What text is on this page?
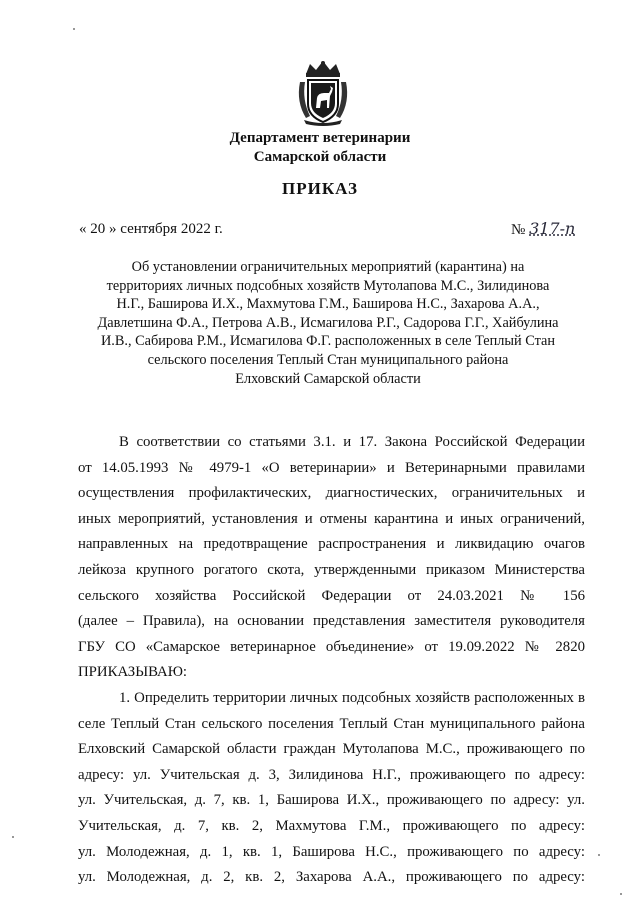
Департамент ветеринарии
Самарской области
ПРИКАЗ
« 20 » сентября 2022 г.	№ 317-п
Об установлении ограничительных мероприятий (карантина) на
территориях личных подсобных хозяйств Мутолапова М.С., Зилидинова
Н.Г., Баширова И.Х., Махмутова Г.М., Баширова Н.С., Захарова А.А.,
Давлетшина Ф.А., Петрова А.В., Исмагилова Р.Г., Садорова Г.Г., Хайбулина
И.В., Сабирова Р.М., Исмагилова Ф.Г. расположенных в селе Теплый Стан
сельского поселения Теплый Стан муниципального района
Елховский Самарской области
В соответствии со статьями 3.1. и 17. Закона Российской Федерации
от 14.05.1993 № 4979-1 «О ветеринарии» и Ветеринарными правилами
осуществления профилактических, диагностических, ограничительных и
иных мероприятий, установления и отмены карантина и иных ограничений,
направленных на предотвращение распространения и ликвидацию очагов
лейкоза крупного рогатого скота, утвержденными приказом Министерства
сельского хозяйства Российской Федерации от 24.03.2021 № 156
(далее – Правила), на основании представления заместителя руководителя
ГБУ СО «Самарское ветеринарное объединение» от 19.09.2022 № 2820
ПРИКАЗЫВАЮ:
1. Определить территории личных подсобных хозяйств расположенных в
селе Теплый Стан сельского поселения Теплый Стан муниципального района
Елховский Самарской области граждан Мутолапова М.С., проживающего по
адресу: ул. Учительская д. 3, Зилидинова Н.Г., проживающего по адресу:
ул. Учительская, д. 7, кв. 1, Баширова И.Х., проживающего по адресу: ул.
Учительская, д. 7, кв. 2, Махмутова Г.М., проживающего по адресу:
ул. Молодежная, д. 1, кв. 1, Баширова Н.С., проживающего по адресу:
ул. Молодежная, д. 2, кв. 2, Захарова А.А., проживающего по адресу:
